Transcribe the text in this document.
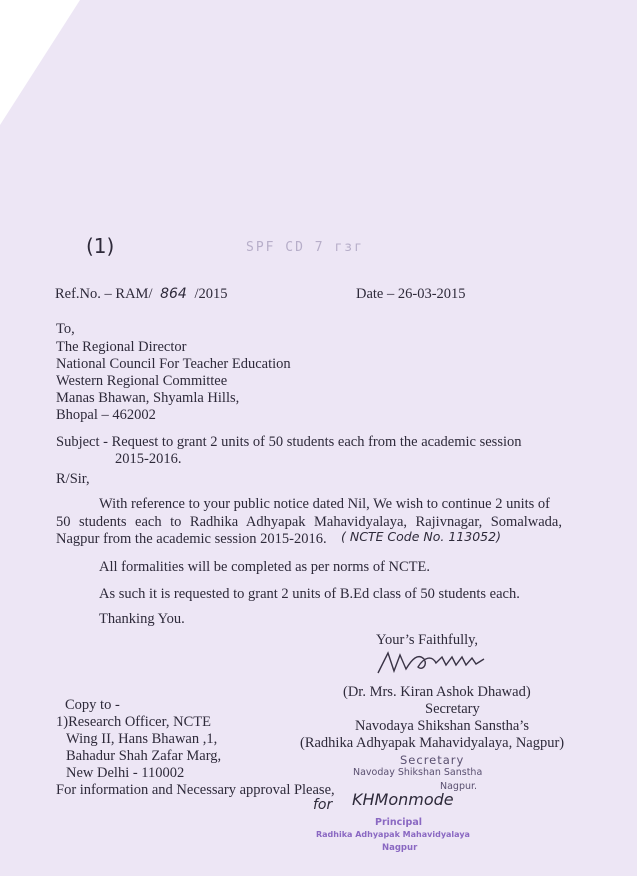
(1)	SPF CD 7 гзг
Ref.No. – RAM/ 864 /2015	Date – 26-03-2015
To,
The Regional Director
National Council For Teacher Education
Western Regional Committee
Manas Bhawan, Shyamla Hills,
Bhopal – 462002
Subject - Request to grant 2 units of 50 students each from the academic session
2015-2016.
R/Sir,
With reference to your public notice dated Nil, We wish to continue 2 units of
50 students each to Radhika Adhyapak Mahavidyalaya, Rajivnagar, Somalwada,
Nagpur from the academic session 2015-2016. ( NCTE Code No. 113052)
All formalities will be completed as per norms of NCTE.
As such it is requested to grant 2 units of B.Ed class of 50 students each.
Thanking You.
Your’s Faithfully,
(Dr. Mrs. Kiran Ashok Dhawad)
Secretary
Navodaya Shikshan Sanstha’s
(Radhika Adhyapak Mahavidyalaya, Nagpur)
Copy to -
1)Research Officer, NCTE
Wing II, Hans Bhawan ,1,
Bahadur Shah Zafar Marg,
New Delhi - 110002
For information and Necessary approval Please,
Secretary
Navoday Shikshan Sanstha
Nagpur.
for KHMonmode
Principal
Radhika Adhyapak Mahavidyalaya
Nagpur
